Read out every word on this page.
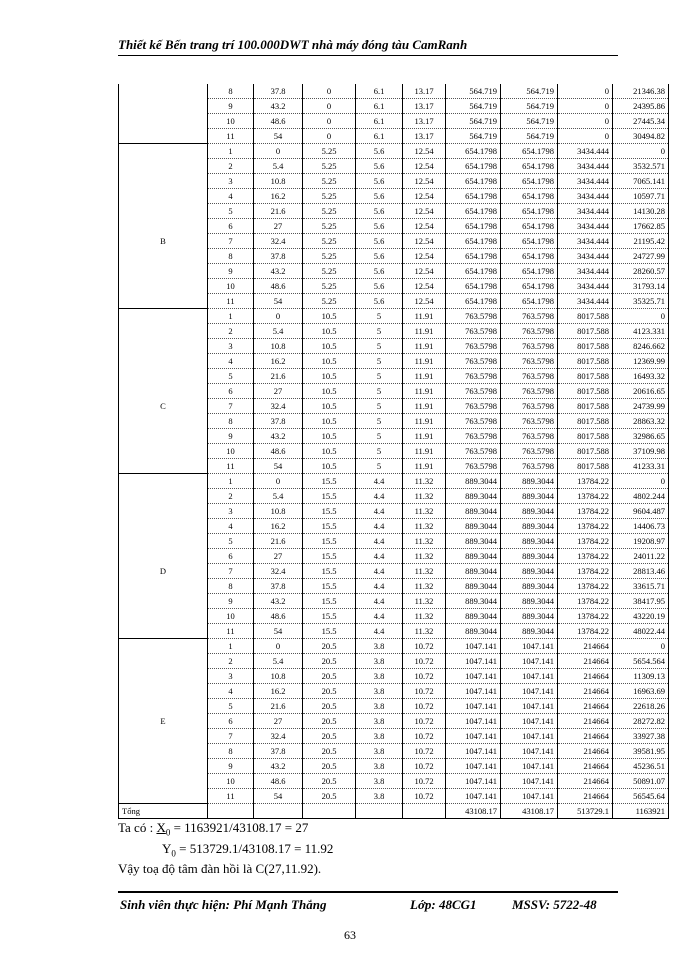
Thiết kế Bến trang trí 100.000DWT nhà máy đóng tàu CamRanh
	8	37.8	0	6.1	13.17	564.719	564.719	0	21346.38
	9	43.2	0	6.1	13.17	564.719	564.719	0	24395.86
	10	48.6	0	6.1	13.17	564.719	564.719	0	27445.34
	11	54	0	6.1	13.17	564.719	564.719	0	30494.82
	1	0	5.25	5.6	12.54	654.1798	654.1798	3434.444	0
	2	5.4	5.25	5.6	12.54	654.1798	654.1798	3434.444	3532.571
	3	10.8	5.25	5.6	12.54	654.1798	654.1798	3434.444	7065.141
	4	16.2	5.25	5.6	12.54	654.1798	654.1798	3434.444	10597.71
	5	21.6	5.25	5.6	12.54	654.1798	654.1798	3434.444	14130.28
	6	27	5.25	5.6	12.54	654.1798	654.1798	3434.444	17662.85
B	7	32.4	5.25	5.6	12.54	654.1798	654.1798	3434.444	21195.42
	8	37.8	5.25	5.6	12.54	654.1798	654.1798	3434.444	24727.99
	9	43.2	5.25	5.6	12.54	654.1798	654.1798	3434.444	28260.57
	10	48.6	5.25	5.6	12.54	654.1798	654.1798	3434.444	31793.14
	11	54	5.25	5.6	12.54	654.1798	654.1798	3434.444	35325.71
	1	0	10.5	5	11.91	763.5798	763.5798	8017.588	0
	2	5.4	10.5	5	11.91	763.5798	763.5798	8017.588	4123.331
	3	10.8	10.5	5	11.91	763.5798	763.5798	8017.588	8246.662
	4	16.2	10.5	5	11.91	763.5798	763.5798	8017.588	12369.99
	5	21.6	10.5	5	11.91	763.5798	763.5798	8017.588	16493.32
	6	27	10.5	5	11.91	763.5798	763.5798	8017.588	20616.65
C	7	32.4	10.5	5	11.91	763.5798	763.5798	8017.588	24739.99
	8	37.8	10.5	5	11.91	763.5798	763.5798	8017.588	28863.32
	9	43.2	10.5	5	11.91	763.5798	763.5798	8017.588	32986.65
	10	48.6	10.5	5	11.91	763.5798	763.5798	8017.588	37109.98
	11	54	10.5	5	11.91	763.5798	763.5798	8017.588	41233.31
	1	0	15.5	4.4	11.32	889.3044	889.3044	13784.22	0
	2	5.4	15.5	4.4	11.32	889.3044	889.3044	13784.22	4802.244
	3	10.8	15.5	4.4	11.32	889.3044	889.3044	13784.22	9604.487
	4	16.2	15.5	4.4	11.32	889.3044	889.3044	13784.22	14406.73
	5	21.6	15.5	4.4	11.32	889.3044	889.3044	13784.22	19208.97
	6	27	15.5	4.4	11.32	889.3044	889.3044	13784.22	24011.22
D	7	32.4	15.5	4.4	11.32	889.3044	889.3044	13784.22	28813.46
	8	37.8	15.5	4.4	11.32	889.3044	889.3044	13784.22	33615.71
	9	43.2	15.5	4.4	11.32	889.3044	889.3044	13784.22	38417.95
	10	48.6	15.5	4.4	11.32	889.3044	889.3044	13784.22	43220.19
	11	54	15.5	4.4	11.32	889.3044	889.3044	13784.22	48022.44
	1	0	20.5	3.8	10.72	1047.141	1047.141	214664	0
	2	5.4	20.5	3.8	10.72	1047.141	1047.141	214664	5654.564
	3	10.8	20.5	3.8	10.72	1047.141	1047.141	214664	11309.13
	4	16.2	20.5	3.8	10.72	1047.141	1047.141	214664	16963.69
	5	21.6	20.5	3.8	10.72	1047.141	1047.141	214664	22618.26
E	6	27	20.5	3.8	10.72	1047.141	1047.141	214664	28272.82
	7	32.4	20.5	3.8	10.72	1047.141	1047.141	214664	33927.38
	8	37.8	20.5	3.8	10.72	1047.141	1047.141	214664	39581.95
	9	43.2	20.5	3.8	10.72	1047.141	1047.141	214664	45236.51
	10	48.6	20.5	3.8	10.72	1047.141	1047.141	214664	50891.07
	11	54	20.5	3.8	10.72	1047.141	1047.141	214664	56545.64
Tổng						43108.17	43108.17	513729.1	1163921
Ta có : $X_0 = 1163921/43108.17 = 27$
$Y_0 = 513729.1/43108.17 = 11.92$
Vậy toạ độ tâm đàn hồi là C(27,11.92).
Sinh viên thực hiện: Phí Mạnh Thắng	Lớp: 48CG1	MSSV: 5722-48
63
